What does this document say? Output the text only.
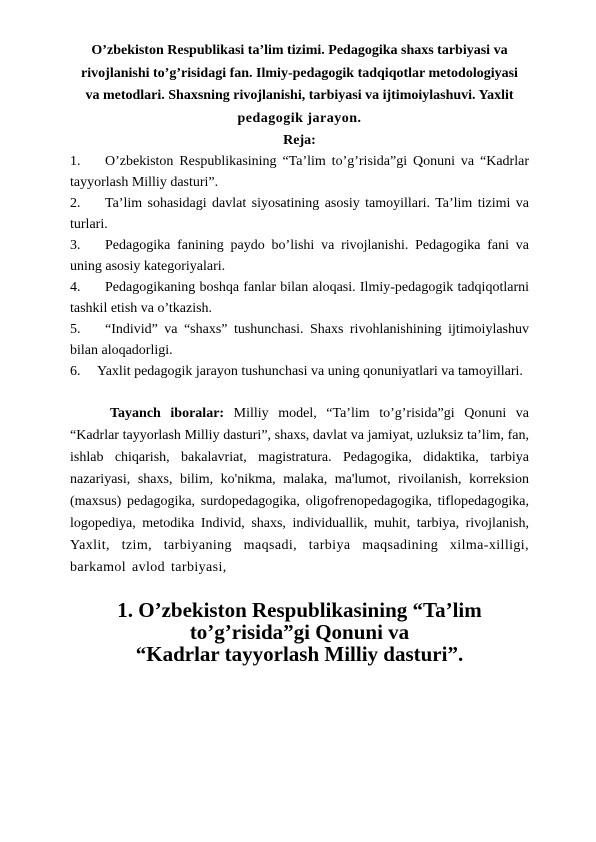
O’zbekiston Respublikasi ta’lim tizimi. Pedagogika shaxs tarbiyasi va
rivojlanishi to’g’risidagi fan. Ilmiy-pedagogik tadqiqotlar metodologiyasi
va metodlari. Shaxsning rivojlanishi, tarbiyasi va ijtimoiylashuvi. Yaxlit
pedagogik jarayon.

Reja:

1. O’zbekiston Respublikasining “Ta’lim to’g’risida”gi Qonuni va “Kadrlar tayyorlash Milliy dasturi”.
2. Ta’lim sohasidagi davlat siyosatining asosiy tamoyillari. Ta’lim tizimi va turlari.
3. Pedagogika fanining paydo bo’lishi va rivojlanishi. Pedagogika fani va uning asosiy kategoriyalari.
4. Pedagogikaning boshqa fanlar bilan aloqasi. Ilmiy-pedagogik tadqiqotlarni tashkil etish va o’tkazish.
5. “Individ” va “shaxs” tushunchasi. Shaxs rivohlanishining ijtimoiylashuv bilan aloqadorligi.
6. Yaxlit pedagogik jarayon tushunchasi va uning qonuniyatlari va tamoyillari.

Tayanch iboralar: Milliy model, “Ta’lim to’g’risida”gi Qonuni va “Kadrlar tayyorlash Milliy dasturi”, shaxs, davlat va jamiyat, uzluksiz ta’lim, fan, ishlab chiqarish, bakalavriat, magistratura. Pedagogika, didaktika, tarbiya nazariyasi, shaxs, bilim, ko'nikma, malaka, ma'lumot, rivoilanish, korreksion (maxsus) pedagogika, surdopedagogika, oligofrenopedagogika, tiflopedagogika, logopediya, metodika Individ, shaxs, individuallik, muhit, tarbiya, rivojlanish, Yaxlit, tzim, tarbiyaning maqsadi, tarbiya maqsadining xilma-xilligi, barkamol avlod tarbiyasi,

1. O’zbekiston Respublikasining “Ta’lim to’g’risida”gi Qonuni va
“Kadrlar tayyorlash Milliy dasturi”.
